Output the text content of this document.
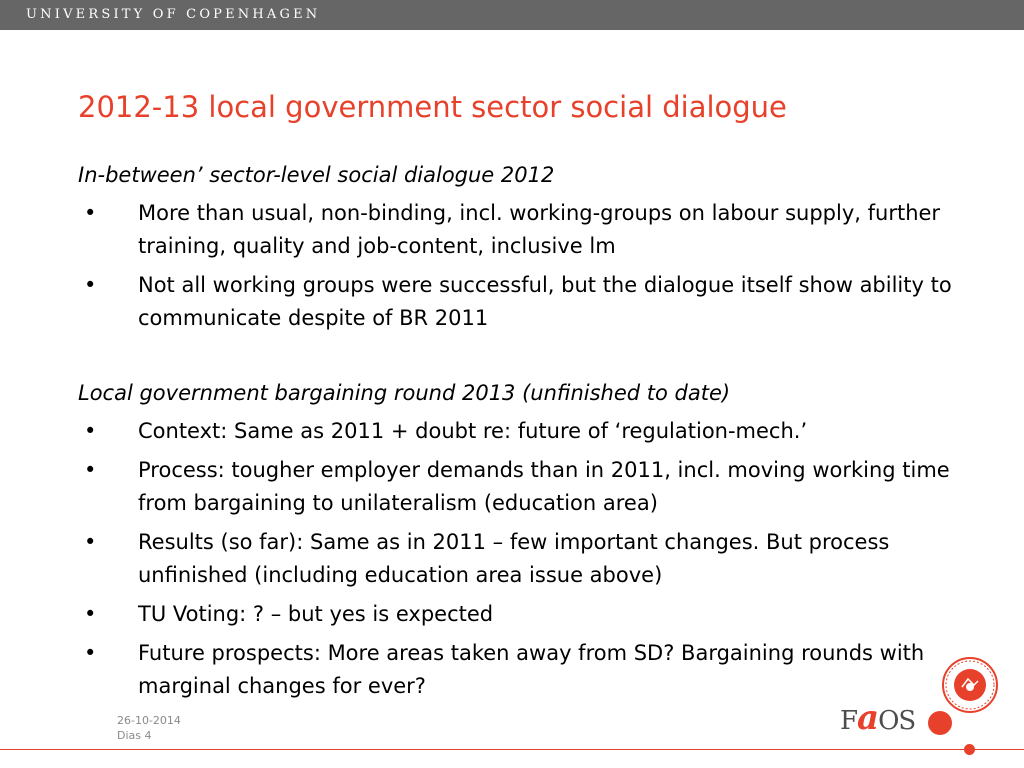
UNIVERSITY OF COPENHAGEN
2012-13 local government sector social dialogue
In-between’ sector-level social dialogue 2012
• More than usual, non-binding, incl. working-groups on labour supply, further training, quality and job-content, inclusive lm
• Not all working groups were successful, but the dialogue itself show ability to communicate despite of BR 2011
Local government bargaining round 2013 (unfinished to date)
• Context: Same as 2011 + doubt re: future of ‘regulation-mech.’
• Process: tougher employer demands than in 2011, incl. moving working time from bargaining to unilateralism (education area)
• Results (so far): Same as in 2011 – few important changes. But process unfinished (including education area issue above)
• TU Voting: ? – but yes is expected
• Future prospects: More areas taken away from SD? Bargaining rounds with marginal changes for ever?
FaOS
26-10-2014
Dias 4
